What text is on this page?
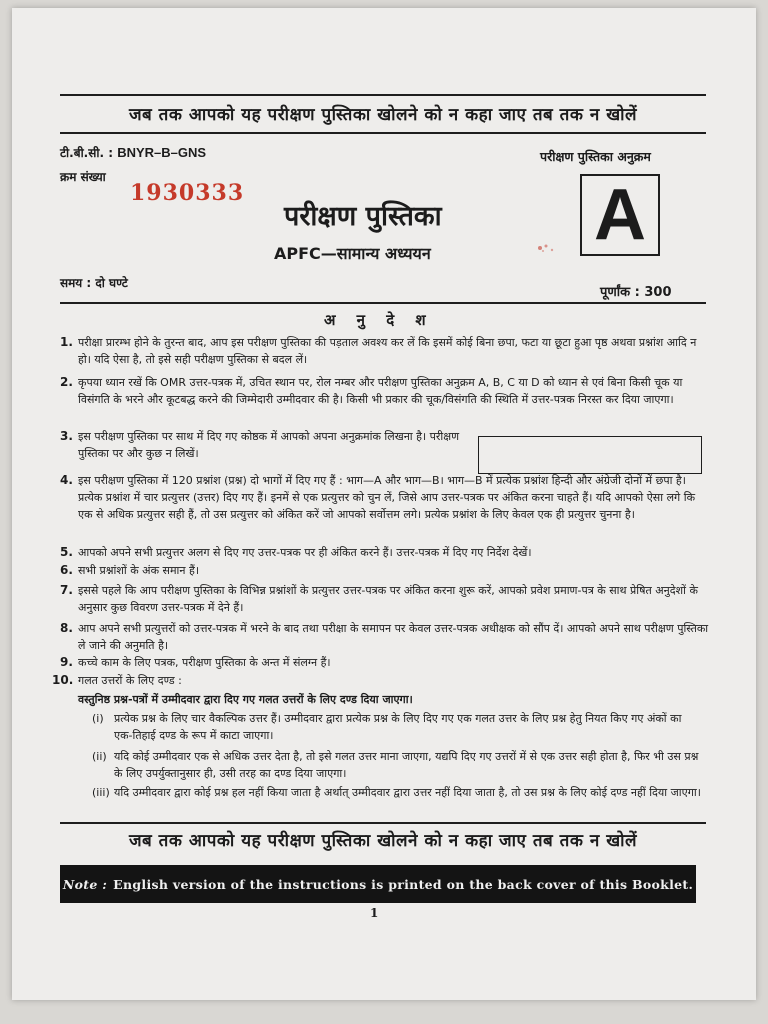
जब तक आपको यह परीक्षण पुस्तिका खोलने को न कहा जाए तब तक न खोलें
टी.बी.सी. : BNYR–B–GNS
क्रम संख्या
1930333
परीक्षण पुस्तिका अनुक्रम
A
परीक्षण पुस्तिका
APFC—सामान्य अध्ययन
समय : दो घण्टे
पूर्णांक : 300
अ नु दे श
1. परीक्षा प्रारम्भ होने के तुरन्त बाद, आप इस परीक्षण पुस्तिका की पड़ताल अवश्य कर लें कि इसमें कोई बिना छपा, फटा या छूटा हुआ पृष्ठ अथवा प्रश्नांश आदि न हो। यदि ऐसा है, तो इसे सही परीक्षण पुस्तिका से बदल लें।
2. कृपया ध्यान रखें कि OMR उत्तर-पत्रक में, उचित स्थान पर, रोल नम्बर और परीक्षण पुस्तिका अनुक्रम A, B, C या D को ध्यान से एवं बिना किसी चूक या विसंगति के भरने और कूटबद्ध करने की जिम्मेदारी उम्मीदवार की है। किसी भी प्रकार की चूक/विसंगति की स्थिति में उत्तर-पत्रक निरस्त कर दिया जाएगा।
3. इस परीक्षण पुस्तिका पर साथ में दिए गए कोष्ठक में आपको अपना अनुक्रमांक लिखना है। परीक्षण पुस्तिका पर और कुछ न लिखें।
4. इस परीक्षण पुस्तिका में 120 प्रश्नांश (प्रश्न) दो भागों में दिए गए हैं : भाग—A और भाग—B। भाग—B में प्रत्येक प्रश्नांश हिन्दी और अंग्रेजी दोनों में छपा है। प्रत्येक प्रश्नांश में चार प्रत्युत्तर (उत्तर) दिए गए हैं। इनमें से एक प्रत्युत्तर को चुन लें, जिसे आप उत्तर-पत्रक पर अंकित करना चाहते हैं। यदि आपको ऐसा लगे कि एक से अधिक प्रत्युत्तर सही हैं, तो उस प्रत्युत्तर को अंकित करें जो आपको सर्वोत्तम लगे। प्रत्येक प्रश्नांश के लिए केवल एक ही प्रत्युत्तर चुनना है।
5. आपको अपने सभी प्रत्युत्तर अलग से दिए गए उत्तर-पत्रक पर ही अंकित करने हैं। उत्तर-पत्रक में दिए गए निर्देश देखें।
6. सभी प्रश्नांशों के अंक समान हैं।
7. इससे पहले कि आप परीक्षण पुस्तिका के विभिन्न प्रश्नांशों के प्रत्युत्तर उत्तर-पत्रक पर अंकित करना शुरू करें, आपको प्रवेश प्रमाण-पत्र के साथ प्रेषित अनुदेशों के अनुसार कुछ विवरण उत्तर-पत्रक में देने हैं।
8. आप अपने सभी प्रत्युत्तरों को उत्तर-पत्रक में भरने के बाद तथा परीक्षा के समापन पर केवल उत्तर-पत्रक अधीक्षक को सौंप दें। आपको अपने साथ परीक्षण पुस्तिका ले जाने की अनुमति है।
9. कच्चे काम के लिए पत्रक, परीक्षण पुस्तिका के अन्त में संलग्न हैं।
10. गलत उत्तरों के लिए दण्ड :
वस्तुनिष्ठ प्रश्न-पत्रों में उम्मीदवार द्वारा दिए गए गलत उत्तरों के लिए दण्ड दिया जाएगा।
(i) प्रत्येक प्रश्न के लिए चार वैकल्पिक उत्तर हैं। उम्मीदवार द्वारा प्रत्येक प्रश्न के लिए दिए गए एक गलत उत्तर के लिए प्रश्न हेतु नियत किए गए अंकों का एक-तिहाई दण्ड के रूप में काटा जाएगा।
(ii) यदि कोई उम्मीदवार एक से अधिक उत्तर देता है, तो इसे गलत उत्तर माना जाएगा, यद्यपि दिए गए उत्तरों में से एक उत्तर सही होता है, फिर भी उस प्रश्न के लिए उपर्युक्तानुसार ही, उसी तरह का दण्ड दिया जाएगा।
(iii) यदि उम्मीदवार द्वारा कोई प्रश्न हल नहीं किया जाता है अर्थात् उम्मीदवार द्वारा उत्तर नहीं दिया जाता है, तो उस प्रश्न के लिए कोई दण्ड नहीं दिया जाएगा।
जब तक आपको यह परीक्षण पुस्तिका खोलने को न कहा जाए तब तक न खोलें
Note : English version of the instructions is printed on the back cover of this Booklet.
1
